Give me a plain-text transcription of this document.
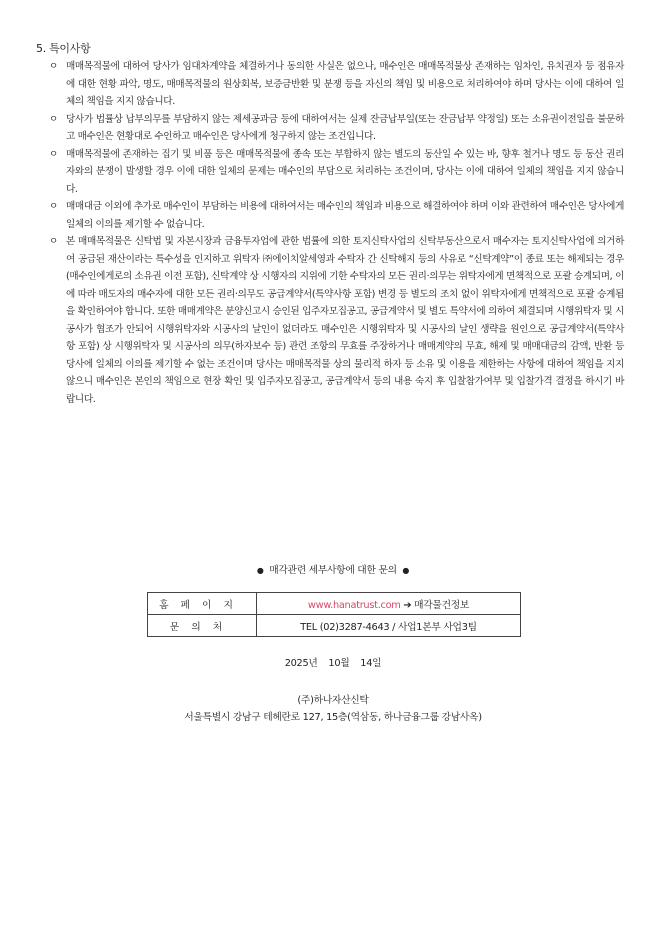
5. 특이사항

ㅇ 매매목적물에 대하여 당사가 임대차계약을 체결하거나 동의한 사실은 없으나, 매수인은 매매목적물상 존재하는 임차인, 유치권자 등 점유자에 대한 현황 파악, 명도, 매매목적물의 원상회복, 보증금반환 및 분쟁 등을 자신의 책임 및 비용으로 처리하여야 하며 당사는 이에 대하여 일체의 책임을 지지 않습니다.

ㅇ 당사가 법률상 납부의무를 부담하지 않는 제세공과금 등에 대하여서는 실제 잔금납부일(또는 잔금납부 약정일) 또는 소유권이전일을 불문하고 매수인은 현황대로 수인하고 매수인은 당사에게 청구하지 않는 조건입니다.

ㅇ 매매목적물에 존재하는 집기 및 비품 등은 매매목적물에 종속 또는 부합하지 않는 별도의 동산일 수 있는 바, 향후 철거나 명도 등 동산 권리자와의 분쟁이 발생할 경우 이에 대한 일체의 문제는 매수인의 부담으로 처리하는 조건이며, 당사는 이에 대하여 일체의 책임을 지지 않습니다.

ㅇ 매매대금 이외에 추가로 매수인이 부담하는 비용에 대하여서는 매수인의 책임과 비용으로 해결하여야 하며 이와 관련하여 매수인은 당사에게 일체의 이의를 제기할 수 없습니다.

ㅇ 본 매매목적물은 신탁법 및 자본시장과 금융투자업에 관한 법률에 의한 토지신탁사업의 신탁부동산으로서 매수자는 토지신탁사업에 의거하여 공급된 재산이라는 특수성을 인지하고 위탁자 ㈜에이치알세영과 수탁자 간 신탁해지 등의 사유로 “신탁계약”이 종료 또는 해제되는 경우(매수인에게로의 소유권 이전 포함), 신탁계약 상 시행자의 지위에 기한 수탁자의 모든 권리·의무는 위탁자에게 면책적으로 포괄 승계되며, 이에 따라 매도자의 매수자에 대한 모든 권리·의무도 공급계약서(특약사항 포함) 변경 등 별도의 조치 없이 위탁자에게 면책적으로 포괄 승계됨을 확인하여야 합니다. 또한 매매계약은 분양신고시 승인된 입주자모집공고, 공급계약서 및 별도 특약서에 의하여 체결되며 시행위탁자 및 시공사가 협조가 안되어 시행위탁자와 시공사의 날인이 없더라도 매수인은 시행위탁자 및 시공사의 날인 생략을 원인으로 공급계약서(특약사항 포함) 상 시행위탁자 및 시공사의 의무(하자보수 등) 관련 조항의 무효를 주장하거나 매매계약의 무효, 해제 및 매매대금의 감액, 반환 등 당사에 일체의 이의를 제기할 수 없는 조건이며 당사는 매매목적물 상의 물리적 하자 등 소유 및 이용을 제한하는 사항에 대하여 책임을 지지 않으니 매수인은 본인의 책임으로 현장 확인 및 입주자모집공고, 공급계약서 등의 내용 숙지 후 입찰참가여부 및 입찰가격 결정을 하시기 바랍니다.

● 매각관련 세부사항에 대한 문의 ●
홈페이지	www.hanatrust.com ➔ 매각물건정보
문의처	TEL (02)3287-4643 / 사업1본부 사업3팀
2025년 10월 14일
(주)하나자산신탁
서울특별시 강남구 테헤란로 127, 15층(역삼동, 하나금융그룹 강남사옥)
